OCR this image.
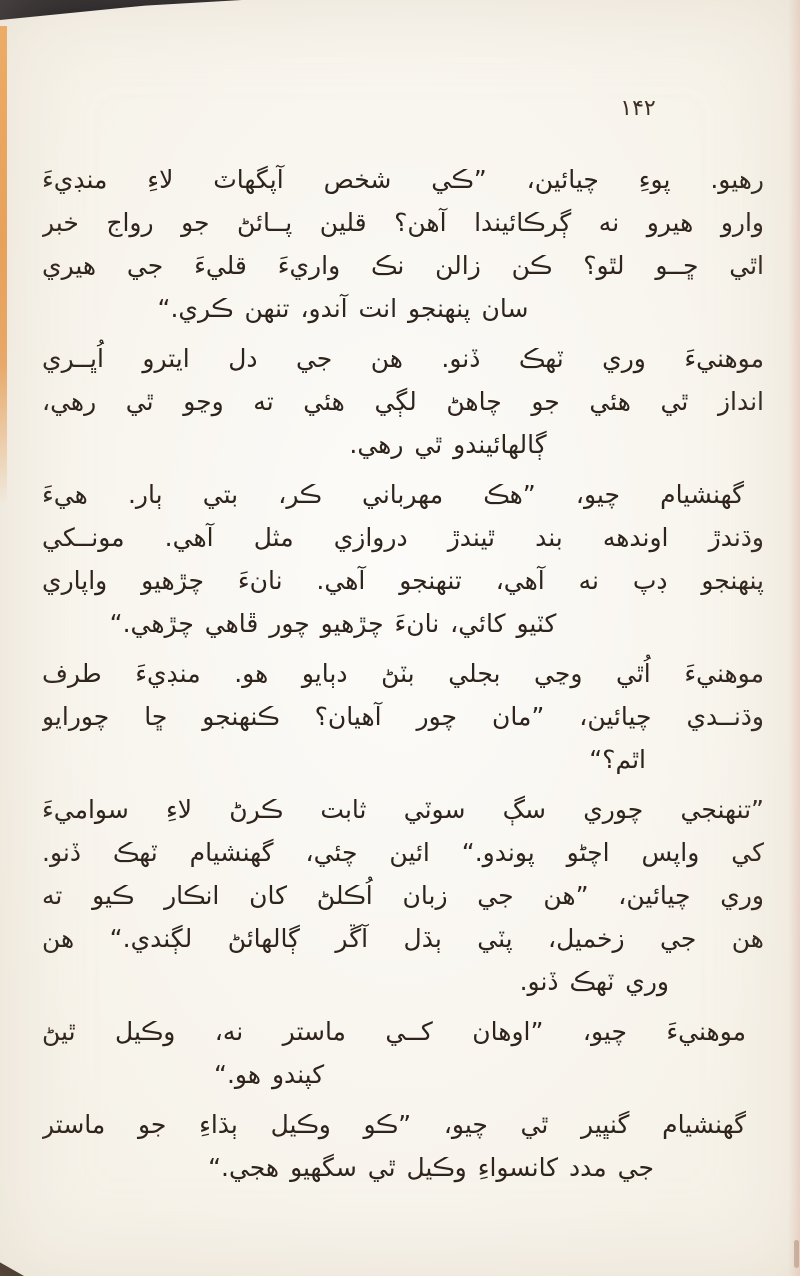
۱۴۲
رهيو. پوءِ چيائين، ”ڪي شخص آپگهاٽ لاءِ منڊيءَ
وارو هيرو نه ڳرڪائيندا آهن؟ قلين پــائڻ جو رواج خبر
اٿي ڇــو لٿو؟ ڪن زالن نڪ واريءَ قليءَ جي هيري
سان پنهنجو انت آندو، تنهن ڪري.“
موهنيءَ وري ٽهڪ ڏنو. هن جي دل ايترو اُڀــري
انداز ٿي هئي جو چاهڻ لڳي هئي ته وڃو ٿي رهي،
ڳالهائيندو ٿي رهي.
گهنشيام چيو، ”هڪ مهرباني ڪر، بتي ٻار. هيءَ
وڌندڙ اوندهه بند ٿيندڙ دروازي مثل آهي. مونــکي
پنهنجو ڊپ نه آهي، تنهنجو آهي. نانءَ چڙهيو واپاري
کٽيو کائي، نانءَ چڙهيو چور ڦاهي چڙهي.“
موهنيءَ اُٿي وڃي بجلي بٽڻ دٻايو هو. منڊيءَ طرف
وڌنــدي چيائين، ”مان چور آهيان؟ ڪنهنجو ڇا چورايو
اٿم؟“
”تنهنجي چوري سڳ سوٽي ثابت ڪرڻ لاءِ سواميءَ
کي واپس اچڻو پوندو.“ ائين چئي، گهنشيام ٽهڪ ڏنو.
وري چيائين، ”هن جي زبان اُڪلڻ کان انڪار ڪيو ته
هن جي زخميل، پٽي ٻڌل آڱر ڳالهائڻ لڳندي.“ هن
وري ٽهڪ ڏنو.
موهنيءَ چيو، ”اوهان کــي ماستر نه، وڪيل ٿيڻ
کپندو هو.“
گهنشيام گنڀير ٿي چيو، ”ڪو وڪيل ٻڌاءِ جو ماستر
جي مدد کانسواءِ وڪيل ٿي سگهيو هجي.“
